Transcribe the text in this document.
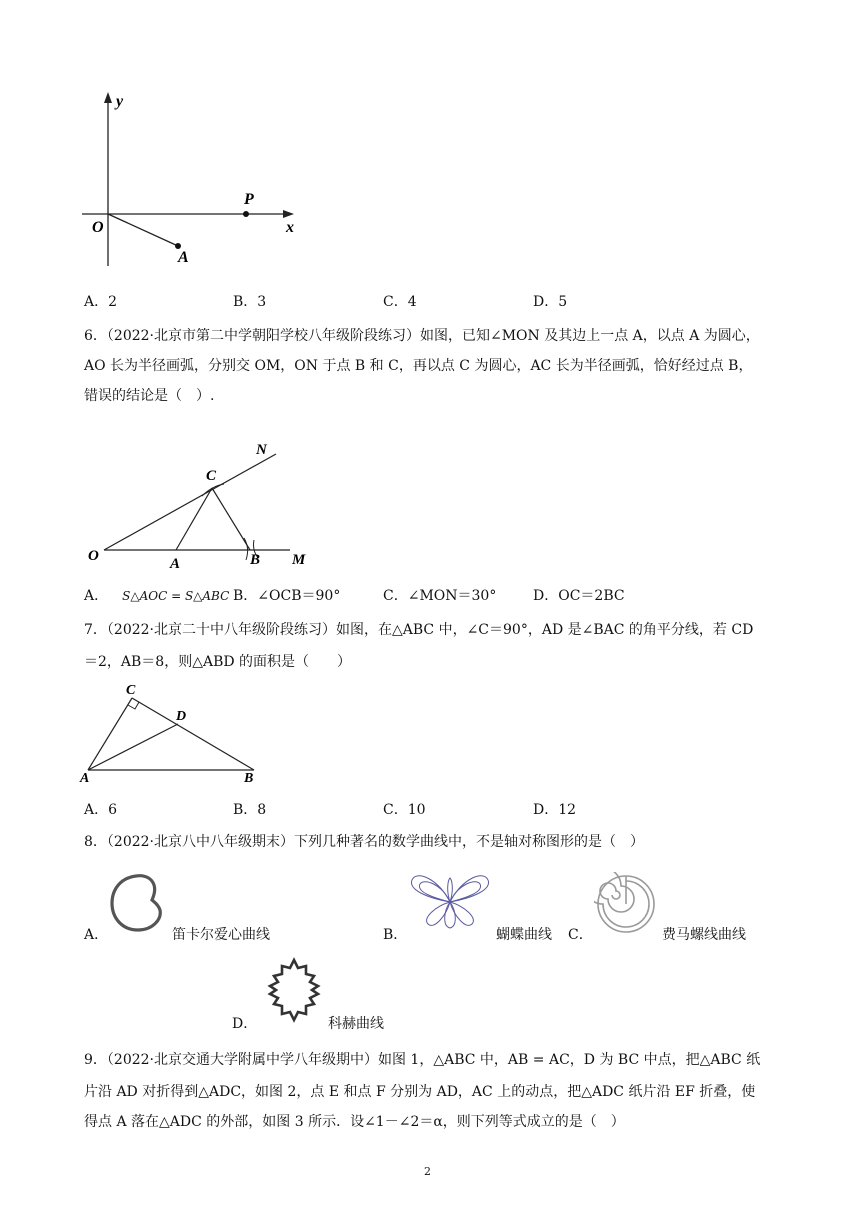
y
x
O
P
A
A．2	B．3	C．4	D．5
6．（2022·北京市第二中学朝阳学校八年级阶段练习）如图，已知∠MON 及其边上一点 A，以点 A 为圆心，
AO 长为半径画弧，分别交 OM，ON 于点 B 和 C，再以点 C 为圆心，AC 长为半径画弧，恰好经过点 B，
错误的结论是（　）.
N
C
O	A	B M
A． S△AOC = S△ABC B．∠OCB＝90°	C．∠MON＝30°	D．OC＝2BC
7．（2022·北京二十中八年级阶段练习）如图，在△ABC 中，∠C＝90°，AD 是∠BAC 的角平分线，若 CD
＝2，AB＝8，则△ABD 的面积是（　　）
C
D
A	B
A．6	B．8	C．10	D．12
8．（2022·北京八中八年级期末）下列几种著名的数学曲线中，不是轴对称图形的是（　）
A．	笛卡尔爱心曲线	B．	蝴蝶曲线 C．	费马螺线曲线
D．	科赫曲线
9．（2022·北京交通大学附属中学八年级期中）如图 1，△ABC 中，AB = AC，D 为 BC 中点，把△ABC 纸
片沿 AD 对折得到△ADC，如图 2，点 E 和点 F 分别为 AD，AC 上的动点，把△ADC 纸片沿 EF 折叠，使
得点 A 落在△ADC 的外部，如图 3 所示．设∠1－∠2＝α，则下列等式成立的是（　）
2
